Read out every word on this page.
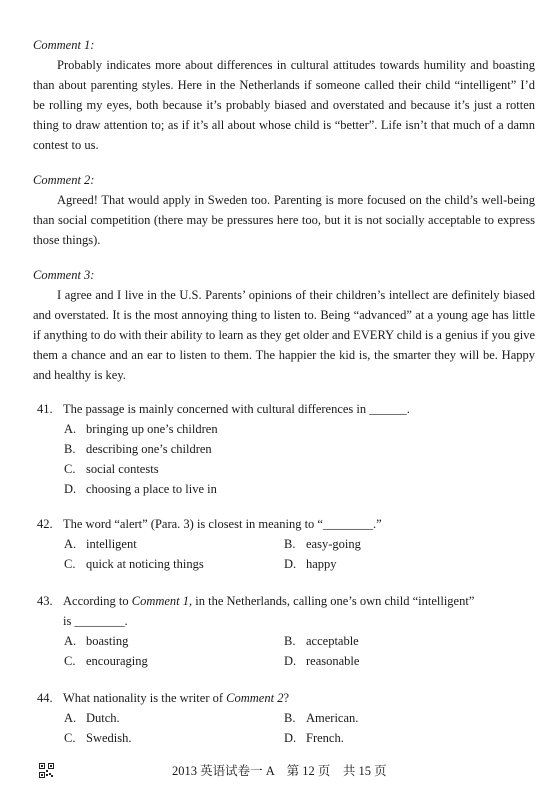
Comment 1:

Probably indicates more about differences in cultural attitudes towards humility and boasting than about parenting styles. Here in the Netherlands if someone called their child “intelligent” I’d be rolling my eyes, both because it’s probably biased and overstated and because it’s just a rotten thing to draw attention to; as if it’s all about whose child is “better”. Life isn’t that much of a damn contest to us.

Comment 2:

Agreed! That would apply in Sweden too. Parenting is more focused on the child’s well-being than social competition (there may be pressures here too, but it is not socially acceptable to express those things).

Comment 3:

I agree and I live in the U.S. Parents’ opinions of their children’s intellect are definitely biased and overstated. It is the most annoying thing to listen to. Being “advanced” at a young age has little if anything to do with their ability to learn as they get older and EVERY child is a genius if you give them a chance and an ear to listen to them. The happier the kid is, the smarter they will be. Happy and healthy is key.

41. The passage is mainly concerned with cultural differences in ______.

A. bringing up one’s children
B. describing one’s children
C. social contests
D. choosing a place to live in

42. The word “alert” (Para. 3) is closest in meaning to “________.”

A. intelligent	B. easy-going
C. quick at noticing things	D. happy

43. According to Comment 1, in the Netherlands, calling one’s own child “intelligent”

is ________.

A. boasting	B. acceptable
C. encouraging	D. reasonable

44. What nationality is the writer of Comment 2?

A. Dutch.	B. American.
C. Swedish.	D. French.
2013 英语试卷一 A　第 12 页　共 15 页
